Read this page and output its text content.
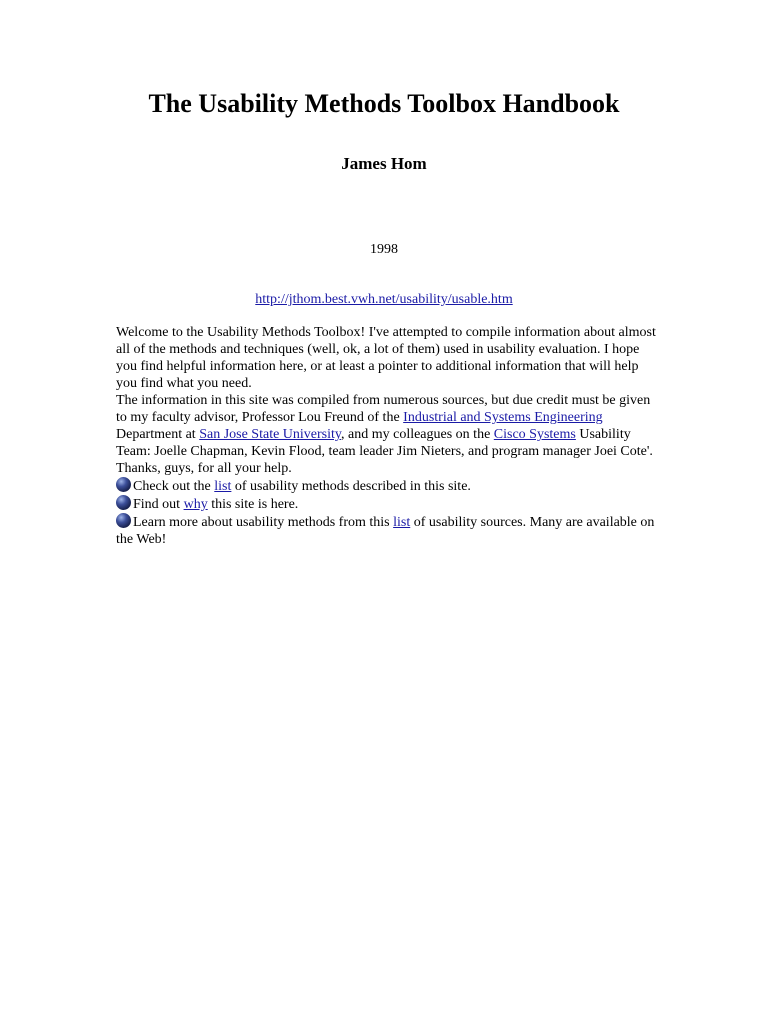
The Usability Methods Toolbox Handbook
James Hom
1998
http://jthom.best.vwh.net/usability/usable.htm

Welcome to the Usability Methods Toolbox! I've attempted to compile information about almost all of the methods and techniques (well, ok, a lot of them) used in usability evaluation. I hope you find helpful information here, or at least a pointer to additional information that will help you find what you need.

The information in this site was compiled from numerous sources, but due credit must be given to my faculty advisor, Professor Lou Freund of the Industrial and Systems Engineering Department at San Jose State University, and my colleagues on the Cisco Systems Usability Team: Joelle Chapman, Kevin Flood, team leader Jim Nieters, and program manager Joei Cote'. Thanks, guys, for all your help.

Check out the list of usability methods described in this site.

Find out why this site is here.

Learn more about usability methods from this list of usability sources. Many are available on the Web!
